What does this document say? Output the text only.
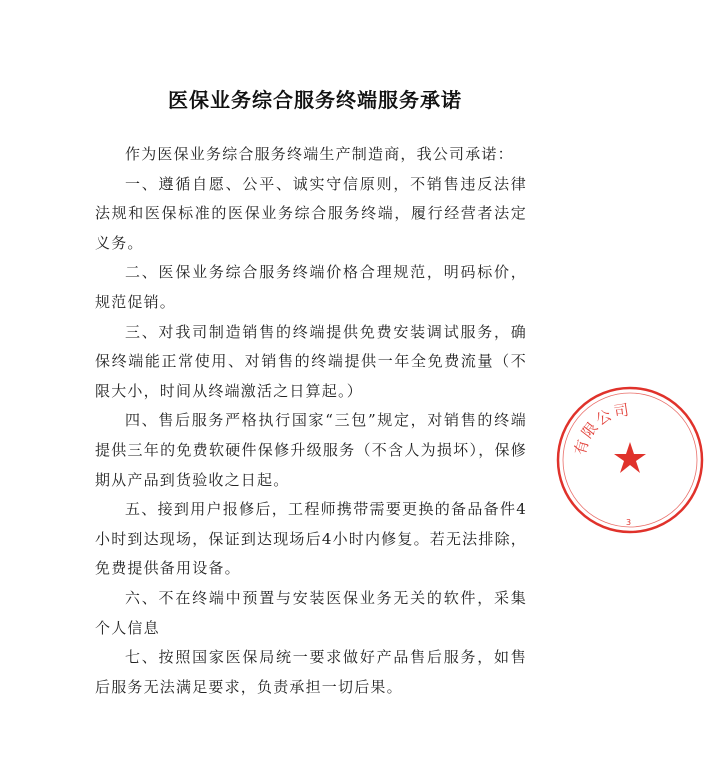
医保业务综合服务终端服务承诺

作为医保业务综合服务终端生产制造商，我公司承诺：

一、遵循自愿、公平、诚实守信原则，不销售违反法律法规和医保标准的医保业务综合服务终端，履行经营者法定义务。

二、医保业务综合服务终端价格合理规范，明码标价，规范促销。

三、对我司制造销售的终端提供免费安装调试服务，确保终端能正常使用、对销售的终端提供一年全免费流量（不限大小，时间从终端激活之日算起。）

四、售后服务严格执行国家“三包”规定，对销售的终端提供三年的免费软硬件保修升级服务（不含人为损坏），保修期从产品到货验收之日起。

五、接到用户报修后，工程师携带需要更换的备品备件4小时到达现场，保证到达现场后4小时内修复。若无法排除，免费提供备用设备。

六、不在终端中预置与安装医保业务无关的软件，采集个人信息

七、按照国家医保局统一要求做好产品售后服务，如售后服务无法满足要求，负责承担一切后果。

有限公司
3
